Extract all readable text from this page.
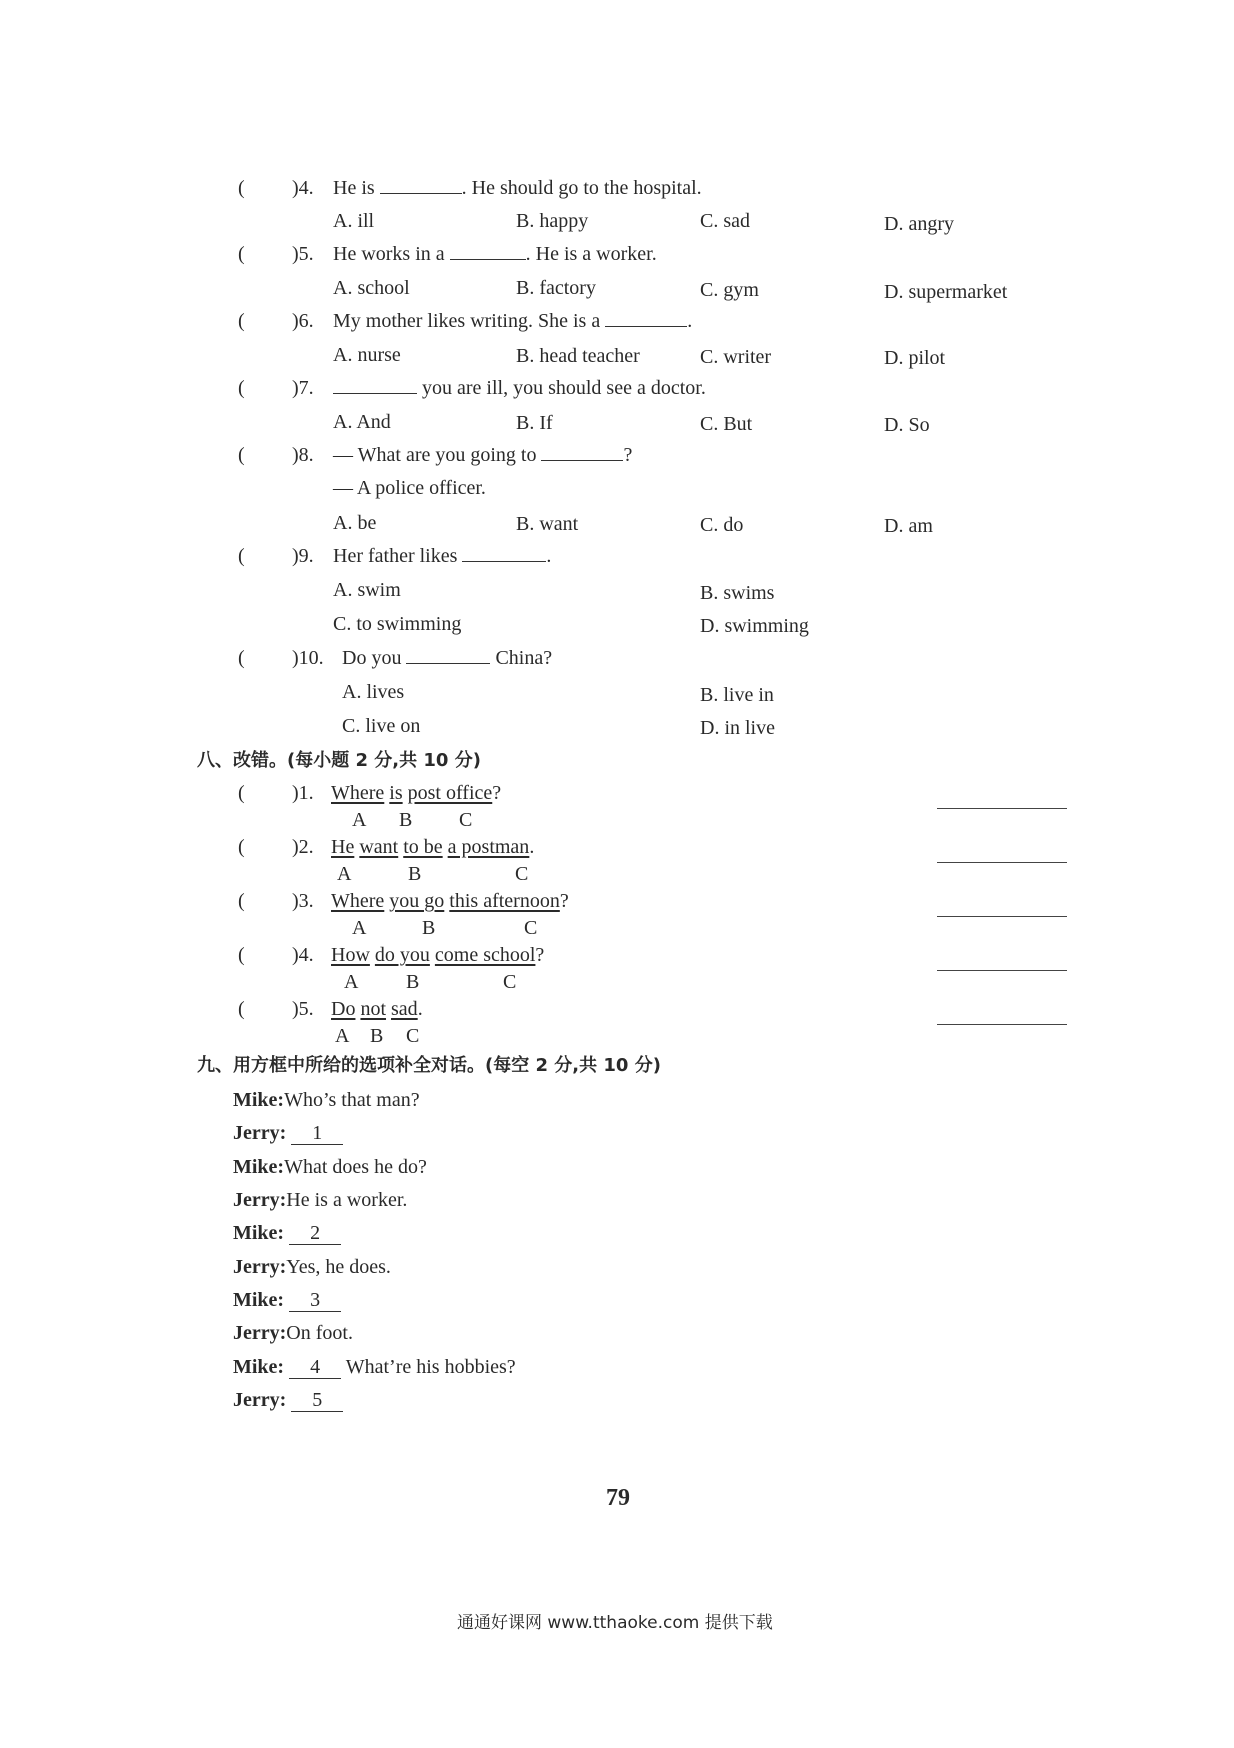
( )4. He is	. He should go to the hospital.
A. ill	B. happy	C. sad	D. angry
( )5. He works in a	. He is a worker.
A. school	B. factory	C. gym	D. supermarket
( )6. My mother likes writing. She is a	.
A. nurse	B. head teacher	C. writer	D. pilot
( )7.	you are ill, you should see a doctor.
A. And	B. If	C. But	D. So
( )8. — What are you going to	?
— A police officer.
A. be	B. want	C. do	D. am
( )9. Her father likes	.
A. swim	B. swims
C. to swimming	D. swimming
( )10. Do you	China?
A. lives	B. live in
C. live on	D. in live
八、改错。(每小题 2 分,共 10 分)
( )1. Where is post office?
A B C
( )2. He want to be a postman.
A	B	C
( )3. Where you go this afternoon?
A	B	C
( )4. How do you come school?
A B	C
( )5. Do not sad.
A B C
九、用方框中所给的选项补全对话。(每空 2 分,共 10 分)
Mike:Who’s that man?
Jerry: 1
Mike:What does he do?
Jerry:He is a worker.
Mike: 2
Jerry:Yes, he does.
Mike: 3
Jerry:On foot.
Mike: 4 What’re his hobbies?
Jerry: 5
79
通通好课网 www.tthaoke.com 提供下载
